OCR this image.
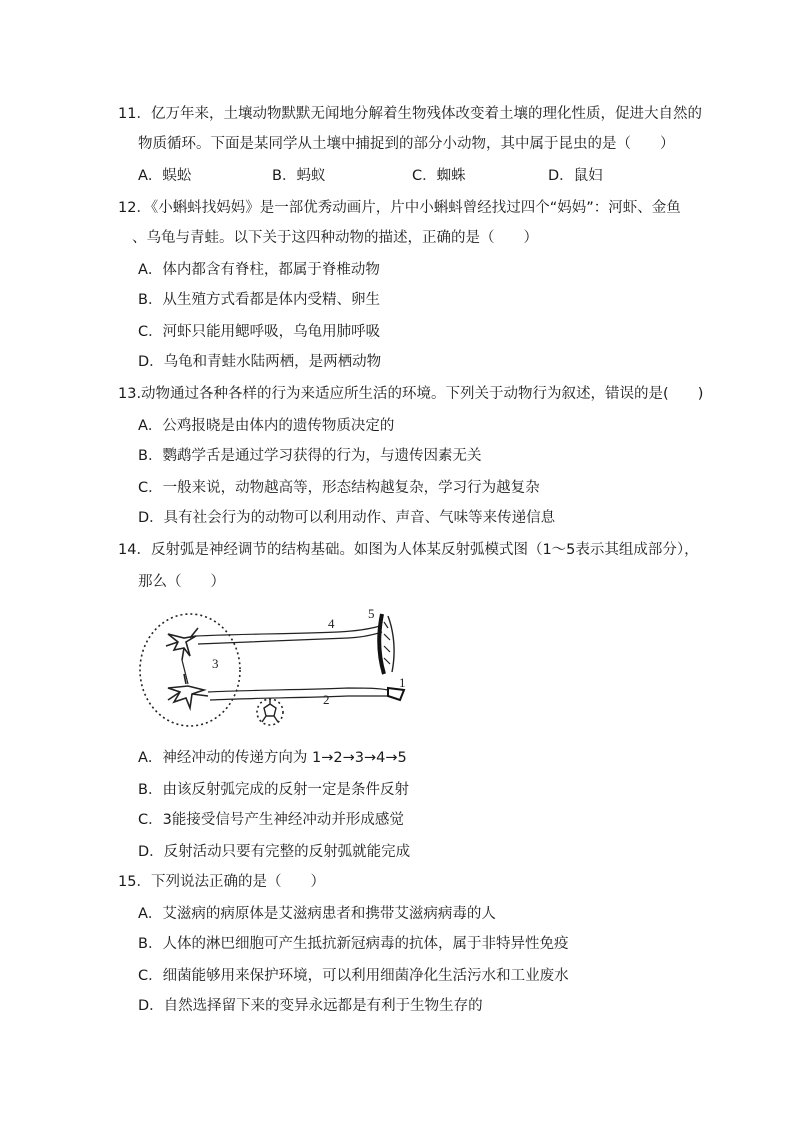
11．亿万年来，土壤动物默默无闻地分解着生物残体改变着土壤的理化性质，促进大自然的
物质循环。下面是某同学从土壤中捕捉到的部分小动物，其中属于昆虫的是（　　）
A．蜈蚣	B．蚂蚁	C．蜘蛛	D．鼠妇
12．《小蝌蚪找妈妈》是一部优秀动画片，片中小蝌蚪曾经找过四个“妈妈”：河虾、金鱼
、乌龟与青蛙。以下关于这四种动物的描述，正确的是（　　）
A．体内都含有脊柱，都属于脊椎动物
B．从生殖方式看都是体内受精、卵生
C．河虾只能用鳃呼吸，乌龟用肺呼吸
D．乌龟和青蛙水陆两栖，是两栖动物
13.动物通过各种各样的行为来适应所生活的环境。下列关于动物行为叙述，错误的是(　　)
A．公鸡报晓是由体内的遗传物质决定的
B．鹦鹉学舌是通过学习获得的行为，与遗传因素无关
C．一般来说，动物越高等，形态结构越复杂，学习行为越复杂
D．具有社会行为的动物可以利用动作、声音、气味等来传递信息
14．反射弧是神经调节的结构基础。如图为人体某反射弧模式图（1～5表示其组成部分），
那么（　　）
1
2
3
4
5
A．神经冲动的传递方向为 1→2→3→4→5
B．由该反射弧完成的反射一定是条件反射
C．3能接受信号产生神经冲动并形成感觉
D．反射活动只要有完整的反射弧就能完成
15．下列说法正确的是（　　）
A．艾滋病的病原体是艾滋病患者和携带艾滋病病毒的人
B．人体的淋巴细胞可产生抵抗新冠病毒的抗体，属于非特异性免疫
C．细菌能够用来保护环境，可以利用细菌净化生活污水和工业废水
D．自然选择留下来的变异永远都是有利于生物生存的
